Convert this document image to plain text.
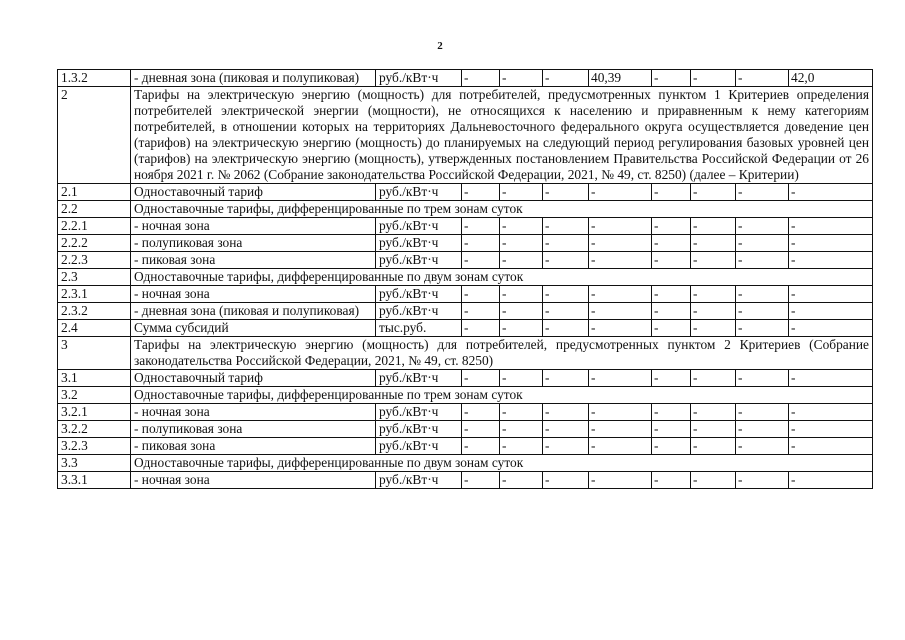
2
1.3.2	- дневная зона (пиковая и полупиковая)	руб./кВт·ч	-	-	-	40,39	-	-	-	42,0
2	Тарифы на электрическую энергию (мощность) для потребителей, предусмотренных пунктом 1 Критериев определения потребителей электрической энергии (мощности), не относящихся к населению и приравненным к нему категориям потребителей, в отношении которых на территориях Дальневосточного федерального округа осуществляется доведение цен (тарифов) на электрическую энергию (мощность) до планируемых на следующий период регулирования базовых уровней цен (тарифов) на электрическую энергию (мощность), утвержденных постановлением Правительства Российской Федерации от 26 ноября 2021 г. № 2062 (Собрание законодательства Российской Федерации, 2021, № 49, ст. 8250) (далее – Критерии)									
2.1	Одноставочный тариф	руб./кВт·ч	-	-	-	-	-	-	-	-
2.2	Одноставочные тарифы, дифференцированные по трем зонам суток									
2.2.1	- ночная зона	руб./кВт·ч	-	-	-	-	-	-	-	-
2.2.2	- полупиковая зона	руб./кВт·ч	-	-	-	-	-	-	-	-
2.2.3	- пиковая зона	руб./кВт·ч	-	-	-	-	-	-	-	-
2.3	Одноставочные тарифы, дифференцированные по двум зонам суток									
2.3.1	- ночная зона	руб./кВт·ч	-	-	-	-	-	-	-	-
2.3.2	- дневная зона (пиковая и полупиковая)	руб./кВт·ч	-	-	-	-	-	-	-	-
2.4	Сумма субсидий	тыс.руб.	-	-	-	-	-	-	-	-
3	Тарифы на электрическую энергию (мощность) для потребителей, предусмотренных пунктом 2 Критериев (Собрание законодательства Российской Федерации, 2021, № 49, ст. 8250)									
3.1	Одноставочный тариф	руб./кВт·ч	-	-	-	-	-	-	-	-
3.2	Одноставочные тарифы, дифференцированные по трем зонам суток									
3.2.1	- ночная зона	руб./кВт·ч	-	-	-	-	-	-	-	-
3.2.2	- полупиковая зона	руб./кВт·ч	-	-	-	-	-	-	-	-
3.2.3	- пиковая зона	руб./кВт·ч	-	-	-	-	-	-	-	-
3.3	Одноставочные тарифы, дифференцированные по двум зонам суток									
3.3.1	- ночная зона	руб./кВт·ч	-	-	-	-	-	-	-	-
